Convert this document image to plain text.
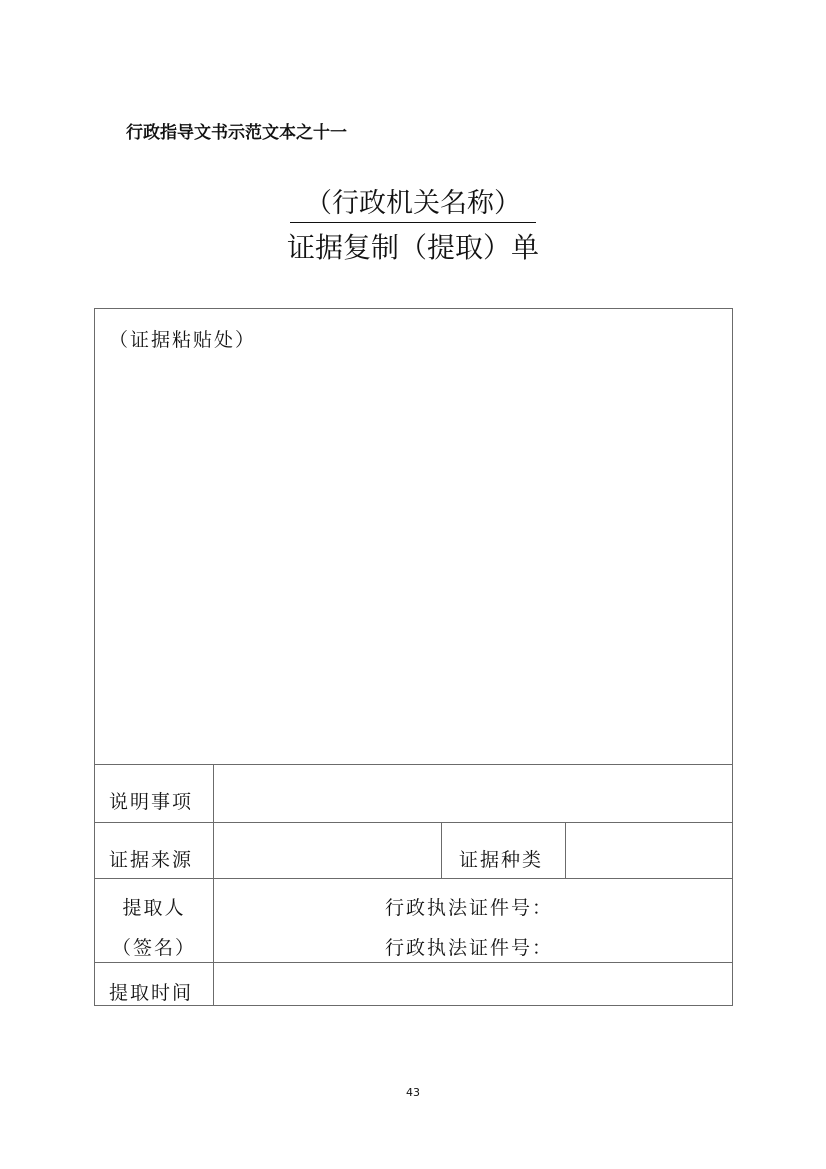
行政指导文书示范文本之十一
（行政机关名称）
证据复制（提取）单
（证据粘贴处）
说明事项
证据来源	证据种类
提取人
（签名）
行政执法证件号：
行政执法证件号：
提取时间
43
